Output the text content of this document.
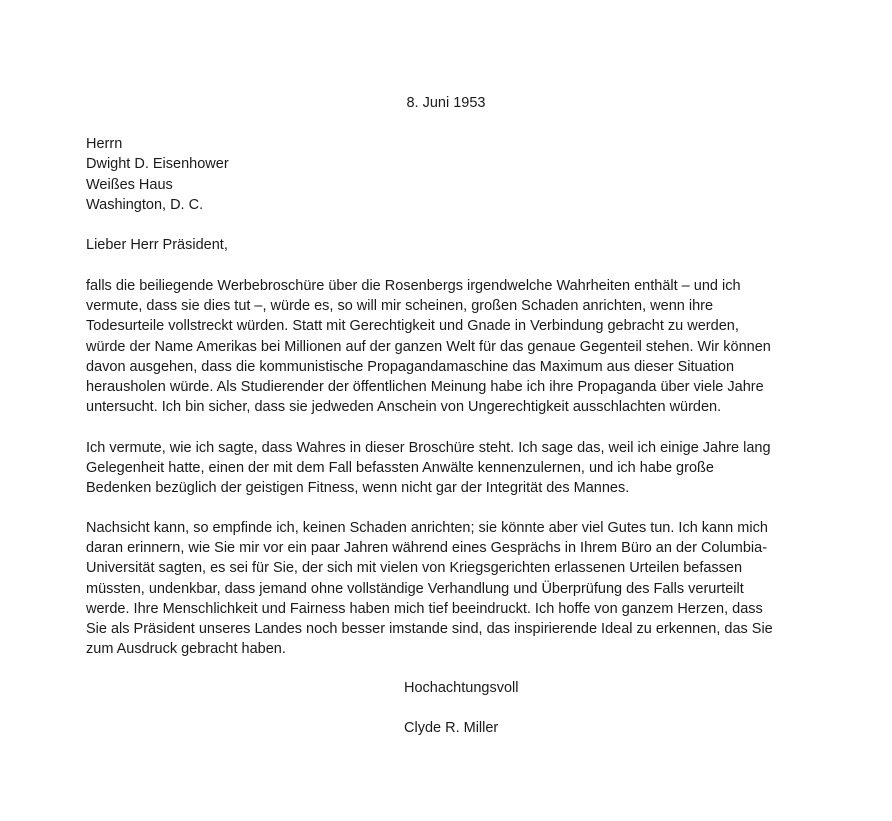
8. Juni 1953
Herrn
Dwight D. Eisenhower
Weißes Haus
Washington, D. C.
Lieber Herr Präsident,

falls die beiliegende Werbebroschüre über die Rosenbergs irgendwelche Wahrheiten enthält – und ich
vermute, dass sie dies tut –, würde es, so will mir scheinen, großen Schaden anrichten, wenn ihre
Todesurteile vollstreckt würden. Statt mit Gerechtigkeit und Gnade in Verbindung gebracht zu werden,
würde der Name Amerikas bei Millionen auf der ganzen Welt für das genaue Gegenteil stehen. Wir können
davon ausgehen, dass die kommunistische Propagandamaschine das Maximum aus dieser Situation
herausholen würde. Als Studierender der öffentlichen Meinung habe ich ihre Propaganda über viele Jahre
untersucht. Ich bin sicher, dass sie jedweden Anschein von Ungerechtigkeit ausschlachten würden.

Ich vermute, wie ich sagte, dass Wahres in dieser Broschüre steht. Ich sage das, weil ich einige Jahre lang
Gelegenheit hatte, einen der mit dem Fall befassten Anwälte kennenzulernen, und ich habe große
Bedenken bezüglich der geistigen Fitness, wenn nicht gar der Integrität des Mannes.

Nachsicht kann, so empfinde ich, keinen Schaden anrichten; sie könnte aber viel Gutes tun. Ich kann mich
daran erinnern, wie Sie mir vor ein paar Jahren während eines Gesprächs in Ihrem Büro an der Columbia-
Universität sagten, es sei für Sie, der sich mit vielen von Kriegsgerichten erlassenen Urteilen befassen
müssten, undenkbar, dass jemand ohne vollständige Verhandlung und Überprüfung des Falls verurteilt
werde. Ihre Menschlichkeit und Fairness haben mich tief beeindruckt. Ich hoffe von ganzem Herzen, dass
Sie als Präsident unseres Landes noch besser imstande sind, das inspirierende Ideal zu erkennen, das Sie
zum Ausdruck gebracht haben.

Hochachtungsvoll
Clyde R. Miller
